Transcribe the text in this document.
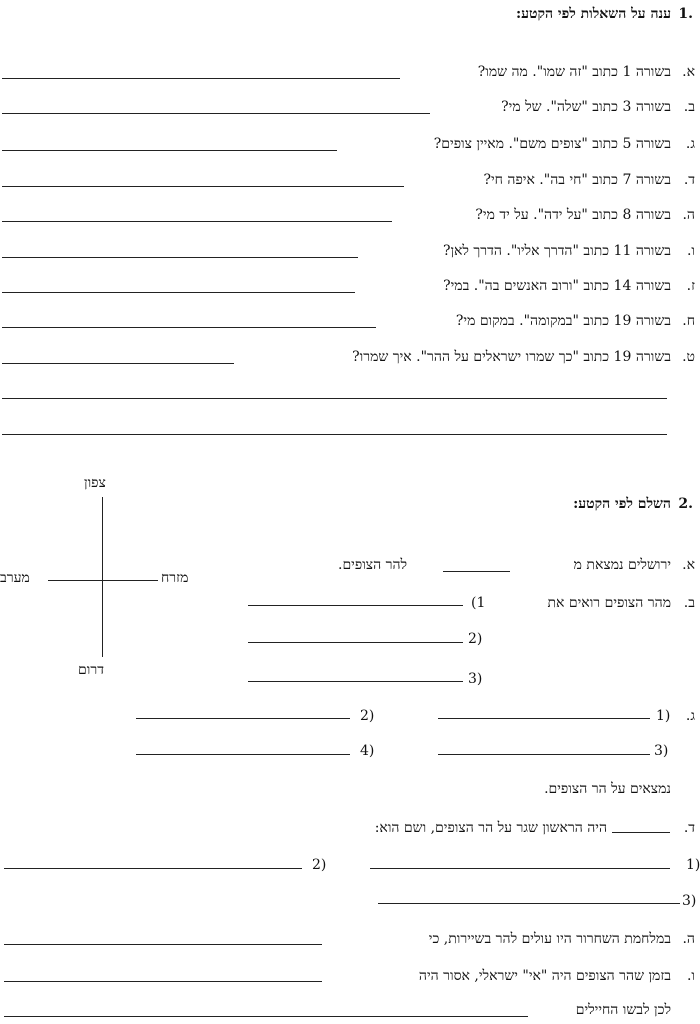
.1
ענה על השאלות לפי הקטע:
א.
בשורה 1 כתוב "זה שמו". מה שמו?
ב.
בשורה 3 כתוב "שלה". של מי?
ג.
בשורה 5 כתוב "צופים משם". מאיין צופים?
ד.
בשורה 7 כתוב "חי בה". איפה חי?
ה.
בשורה 8 כתוב "על ידה". על יד מי?
ו.
בשורה 11 כתוב "הדרך אליו". הדרך לאן?
ז.
בשורה 14 כתוב "ורוב האנשים בה". במי?
ח.
בשורה 19 כתוב "במקומה". במקום מי?
ט.
בשורה 19 כתוב "כך שמרו ישראלים על ההר". איך שמרו?
צפון
מערב	מזרח
דרום
.2
השלם לפי הקטע:
א.
ירושלים נמצאת מ
להר הצופים.
ב.
מהר הצופים רואים את
1)
(2
(3
ג.
(1
(2
(3
(4
נמצאים על הר הצופים.
ד.
היה הראשון שגר על הר הצופים, ושם הוא:
(1
(2
(3
ה.
במלחמת השחרור היו עולים להר בשיירות, כי
ו.
בזמן שהר הצופים היה "אי" ישראלי, אסור היה
לכן לבשו החיילים
